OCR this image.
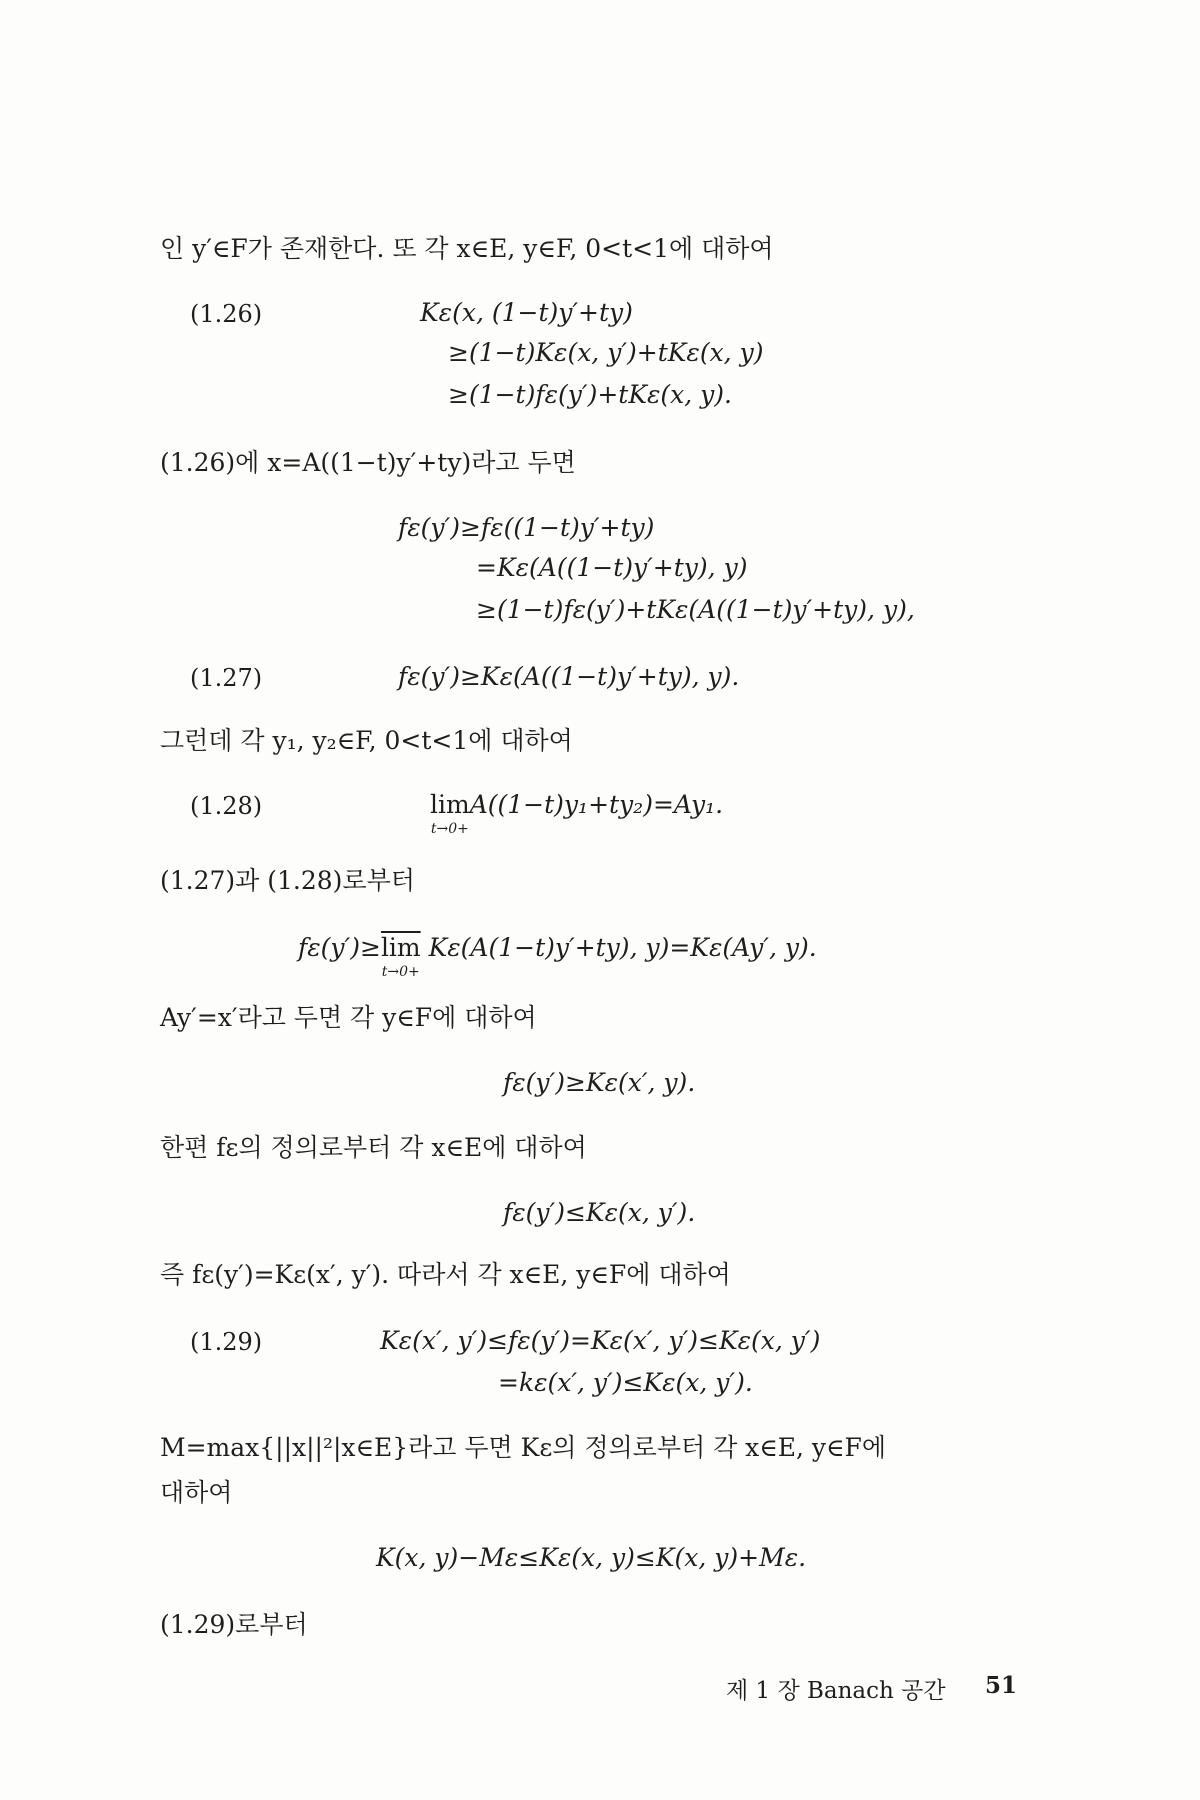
인 y′∈F가 존재한다. 또 각 x∈E, y∈F, 0<t<1에 대하여
(1.26)	Kε(x, (1−t)y′+ty)
≥(1−t)Kε(x, y′)+tKε(x, y)
≥(1−t)fε(y′)+tKε(x, y).
(1.26)에 x=A((1−t)y′+ty)라고 두면
fε(y′)≥fε((1−t)y′+ty)
=Kε(A((1−t)y′+ty), y)
≥(1−t)fε(y′)+tKε(A((1−t)y′+ty), y),
(1.27)	fε(y′)≥Kε(A((1−t)y′+ty), y).
그런데 각 y₁, y₂∈F, 0<t<1에 대하여
(1.28)	lim
t→0+
A((1−t)y₁+ty₂)=Ay₁.
(1.27)과 (1.28)로부터
$f\varepsilon(y')\ge\overline{lim}$
t→0+
Kε(A(1−t)y′+ty), y)=Kε(Ay′, y).
Ay′=x′라고 두면 각 y∈F에 대하여
fε(y′)≥Kε(x′, y).
한편 fε의 정의로부터 각 x∈E에 대하여
fε(y′)≤Kε(x, y′).
즉 fε(y′)=Kε(x′, y′). 따라서 각 x∈E, y∈F에 대하여
(1.29)	Kε(x′, y′)≤fε(y′)=Kε(x′, y′)≤Kε(x, y′)
=kε(x′, y′)≤Kε(x, y′).
M=max{||x||²|x∈E}라고 두면 Kε의 정의로부터 각 x∈E, y∈F에
대하여
K(x, y)−Mε≤Kε(x, y)≤K(x, y)+Mε.
(1.29)로부터
제 1 장 Banach 공간 51
